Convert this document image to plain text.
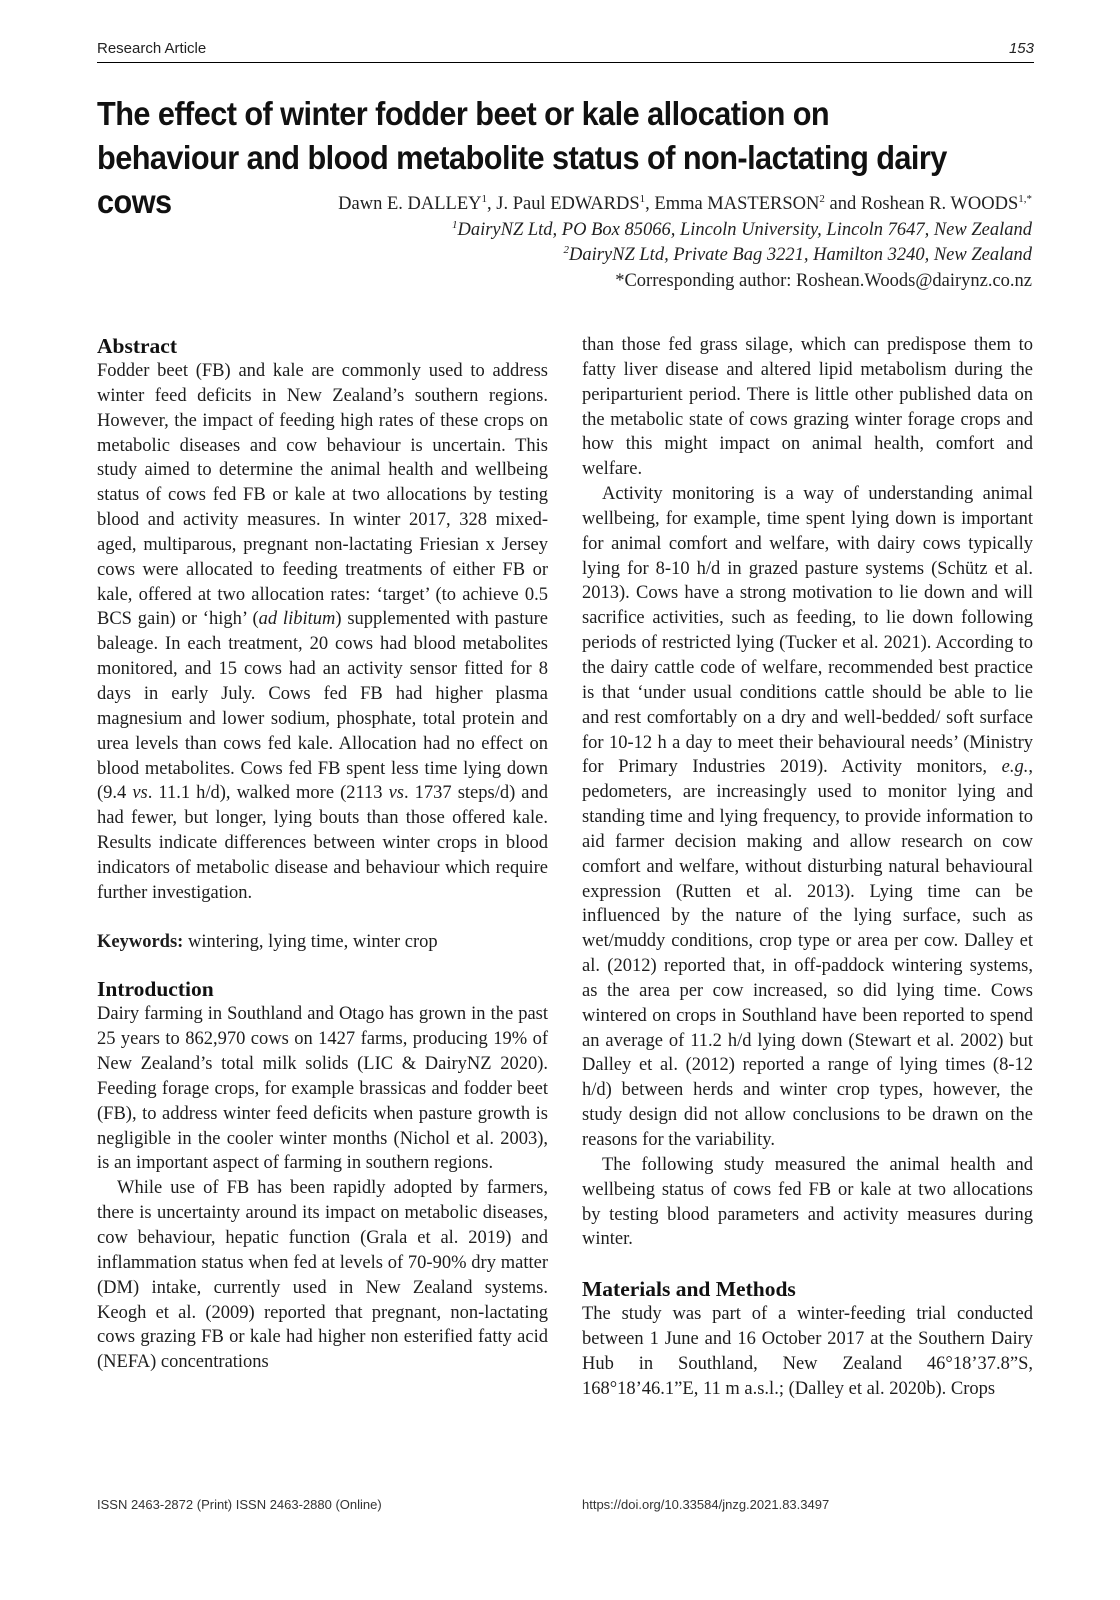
Research Article	153
The effect of winter fodder beet or kale allocation on behaviour and blood metabolite status of non-lactating dairy cows	Dawn E. DALLEY$^1$, J. Paul EDWARDS$^1$, Emma MASTERSON$^2$ and Roshean R. $WOODS^{1,*}$
$^1$DairyNZ Ltd, PO Box 85066, Lincoln University, Lincoln 7647, New Zealand
$^2$DairyNZ Ltd, Private Bag 3221, Hamilton 3240, New Zealand
*Corresponding author: Roshean.Woods@dairynz.co.nz
Abstract

Fodder beet (FB) and kale are commonly used to address winter feed deficits in New Zealand’s southern regions. However, the impact of feeding high rates of these crops on metabolic diseases and cow behaviour is uncertain. This study aimed to determine the animal health and wellbeing status of cows fed FB or kale at two allocations by testing blood and activity measures. In winter 2017, 328 mixed-aged, multiparous, pregnant non-lactating Friesian x Jersey cows were allocated to feeding treatments of either FB or kale, offered at two allocation rates: ‘target’ (to achieve 0.5 BCS gain) or ‘high’ (ad libitum) supplemented with pasture baleage. In each treatment, 20 cows had blood metabolites monitored, and 15 cows had an activity sensor fitted for 8 days in early July. Cows fed FB had higher plasma magnesium and lower sodium, phosphate, total protein and urea levels than cows fed kale. Allocation had no effect on blood metabolites. Cows fed FB spent less time lying down (9.4 vs. 11.1 h/d), walked more (2113 vs. 1737 steps/d) and had fewer, but longer, lying bouts than those offered kale. Results indicate differences between winter crops in blood indicators of metabolic disease and behaviour which require further investigation.

Keywords: wintering, lying time, winter crop

Introduction

Dairy farming in Southland and Otago has grown in the past 25 years to 862,970 cows on 1427 farms, producing 19% of New Zealand’s total milk solids (LIC & DairyNZ 2020). Feeding forage crops, for example brassicas and fodder beet (FB), to address winter feed deficits when pasture growth is negligible in the cooler winter months (Nichol et al. 2003), is an important aspect of farming in southern regions.

While use of FB has been rapidly adopted by farmers, there is uncertainty around its impact on metabolic diseases, cow behaviour, hepatic function (Grala et al. 2019) and inflammation status when fed at levels of 70-90% dry matter (DM) intake, currently used in New Zealand systems. Keogh et al. (2009) reported that pregnant, non-lactating cows grazing FB or kale had higher non esterified fatty acid (NEFA) concentrations

than those fed grass silage, which can predispose them to fatty liver disease and altered lipid metabolism during the periparturient period. There is little other published data on the metabolic state of cows grazing winter forage crops and how this might impact on animal health, comfort and welfare.

Activity monitoring is a way of understanding animal wellbeing, for example, time spent lying down is important for animal comfort and welfare, with dairy cows typically lying for 8-10 h/d in grazed pasture systems (Schütz et al. 2013). Cows have a strong motivation to lie down and will sacrifice activities, such as feeding, to lie down following periods of restricted lying (Tucker et al. 2021). According to the dairy cattle code of welfare, recommended best practice is that ‘under usual conditions cattle should be able to lie and rest comfortably on a dry and well-bedded/ soft surface for 10-12 h a day to meet their behavioural needs’ (Ministry for Primary Industries 2019). Activity monitors, e.g., pedometers, are increasingly used to monitor lying and standing time and lying frequency, to provide information to aid farmer decision making and allow research on cow comfort and welfare, without disturbing natural behavioural expression (Rutten et al. 2013). Lying time can be influenced by the nature of the lying surface, such as wet/muddy conditions, crop type or area per cow. Dalley et al. (2012) reported that, in off-paddock wintering systems, as the area per cow increased, so did lying time. Cows wintered on crops in Southland have been reported to spend an average of 11.2 h/d lying down (Stewart et al. 2002) but Dalley et al. (2012) reported a range of lying times (8-12 h/d) between herds and winter crop types, however, the study design did not allow conclusions to be drawn on the reasons for the variability.

The following study measured the animal health and wellbeing status of cows fed FB or kale at two allocations by testing blood parameters and activity measures during winter.

Materials and Methods

The study was part of a winter-feeding trial conducted between 1 June and 16 October 2017 at the Southern Dairy Hub in Southland, New Zealand 46°18’37.8”S, 168°18’46.1”E, 11 m a.s.l.; (Dalley et al. 2020b). Crops

ISSN 2463-2872 (Print) ISSN 2463-2880 (Online)	https://doi.org/10.33584/jnzg.2021.83.3497
